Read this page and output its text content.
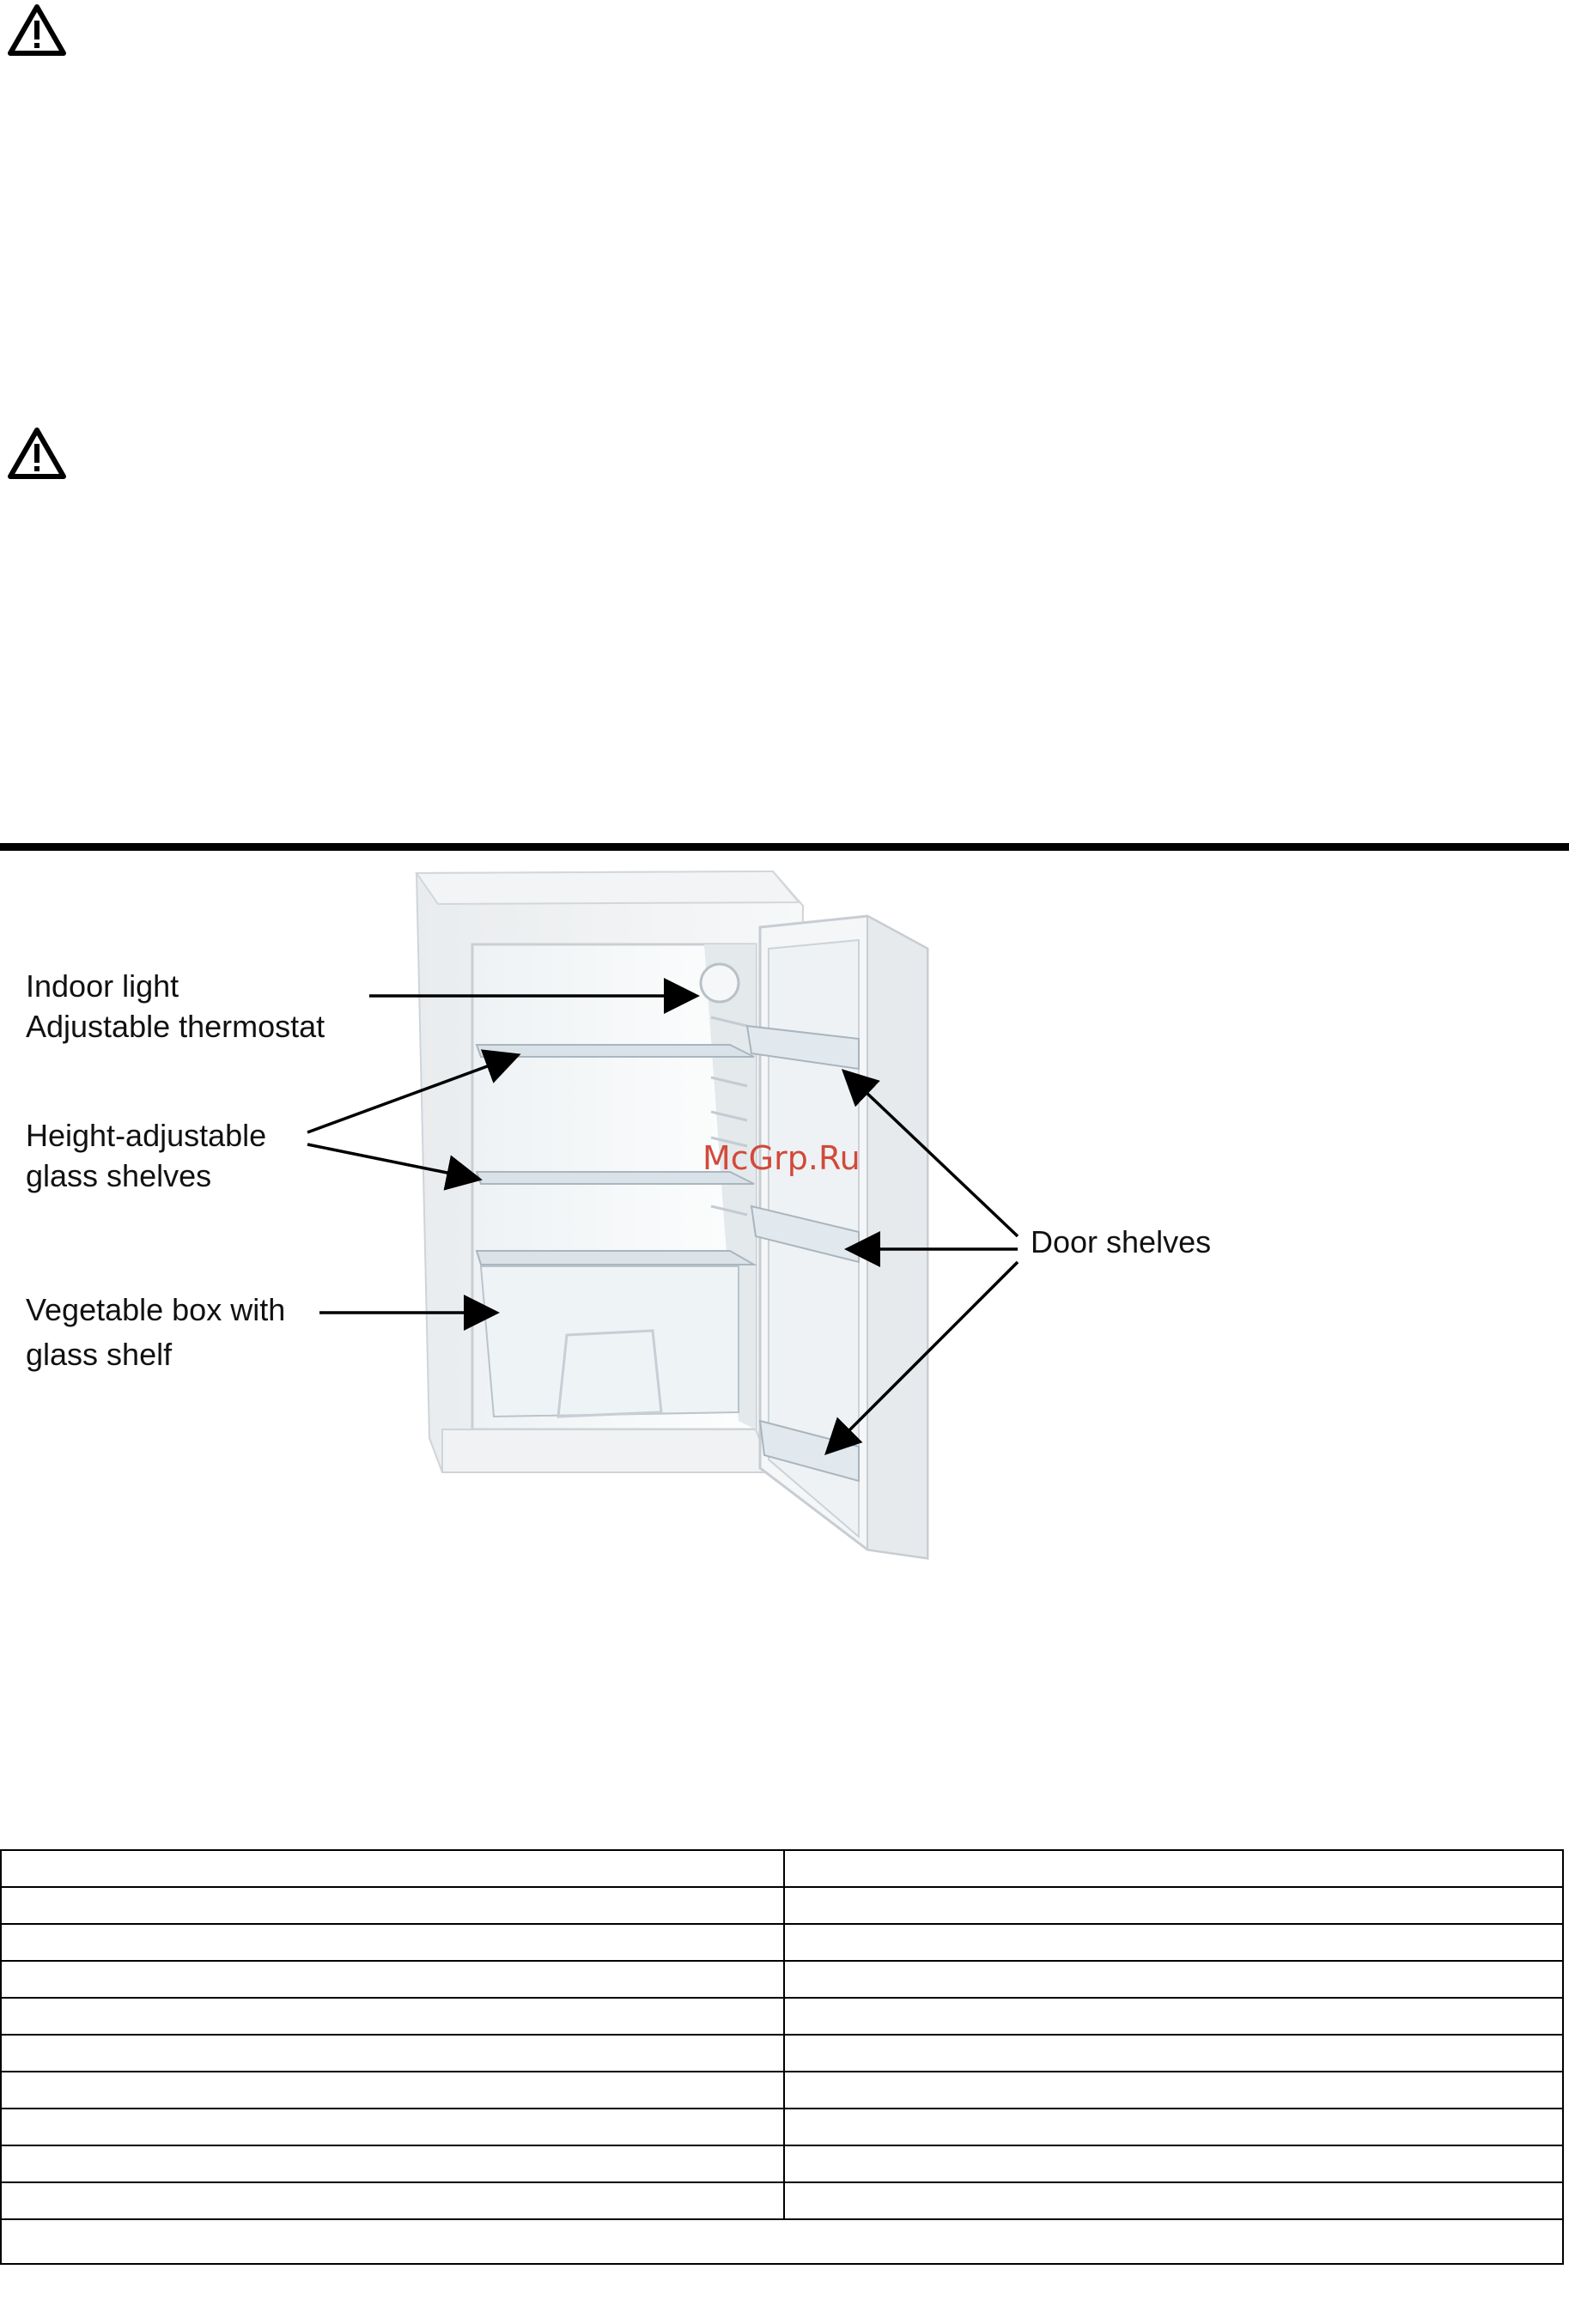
Indoor light
Adjustable thermostat
Height-adjustable
glass shelves
Vegetable box with
glass shelf
Door shelves
McGrp.Ru
